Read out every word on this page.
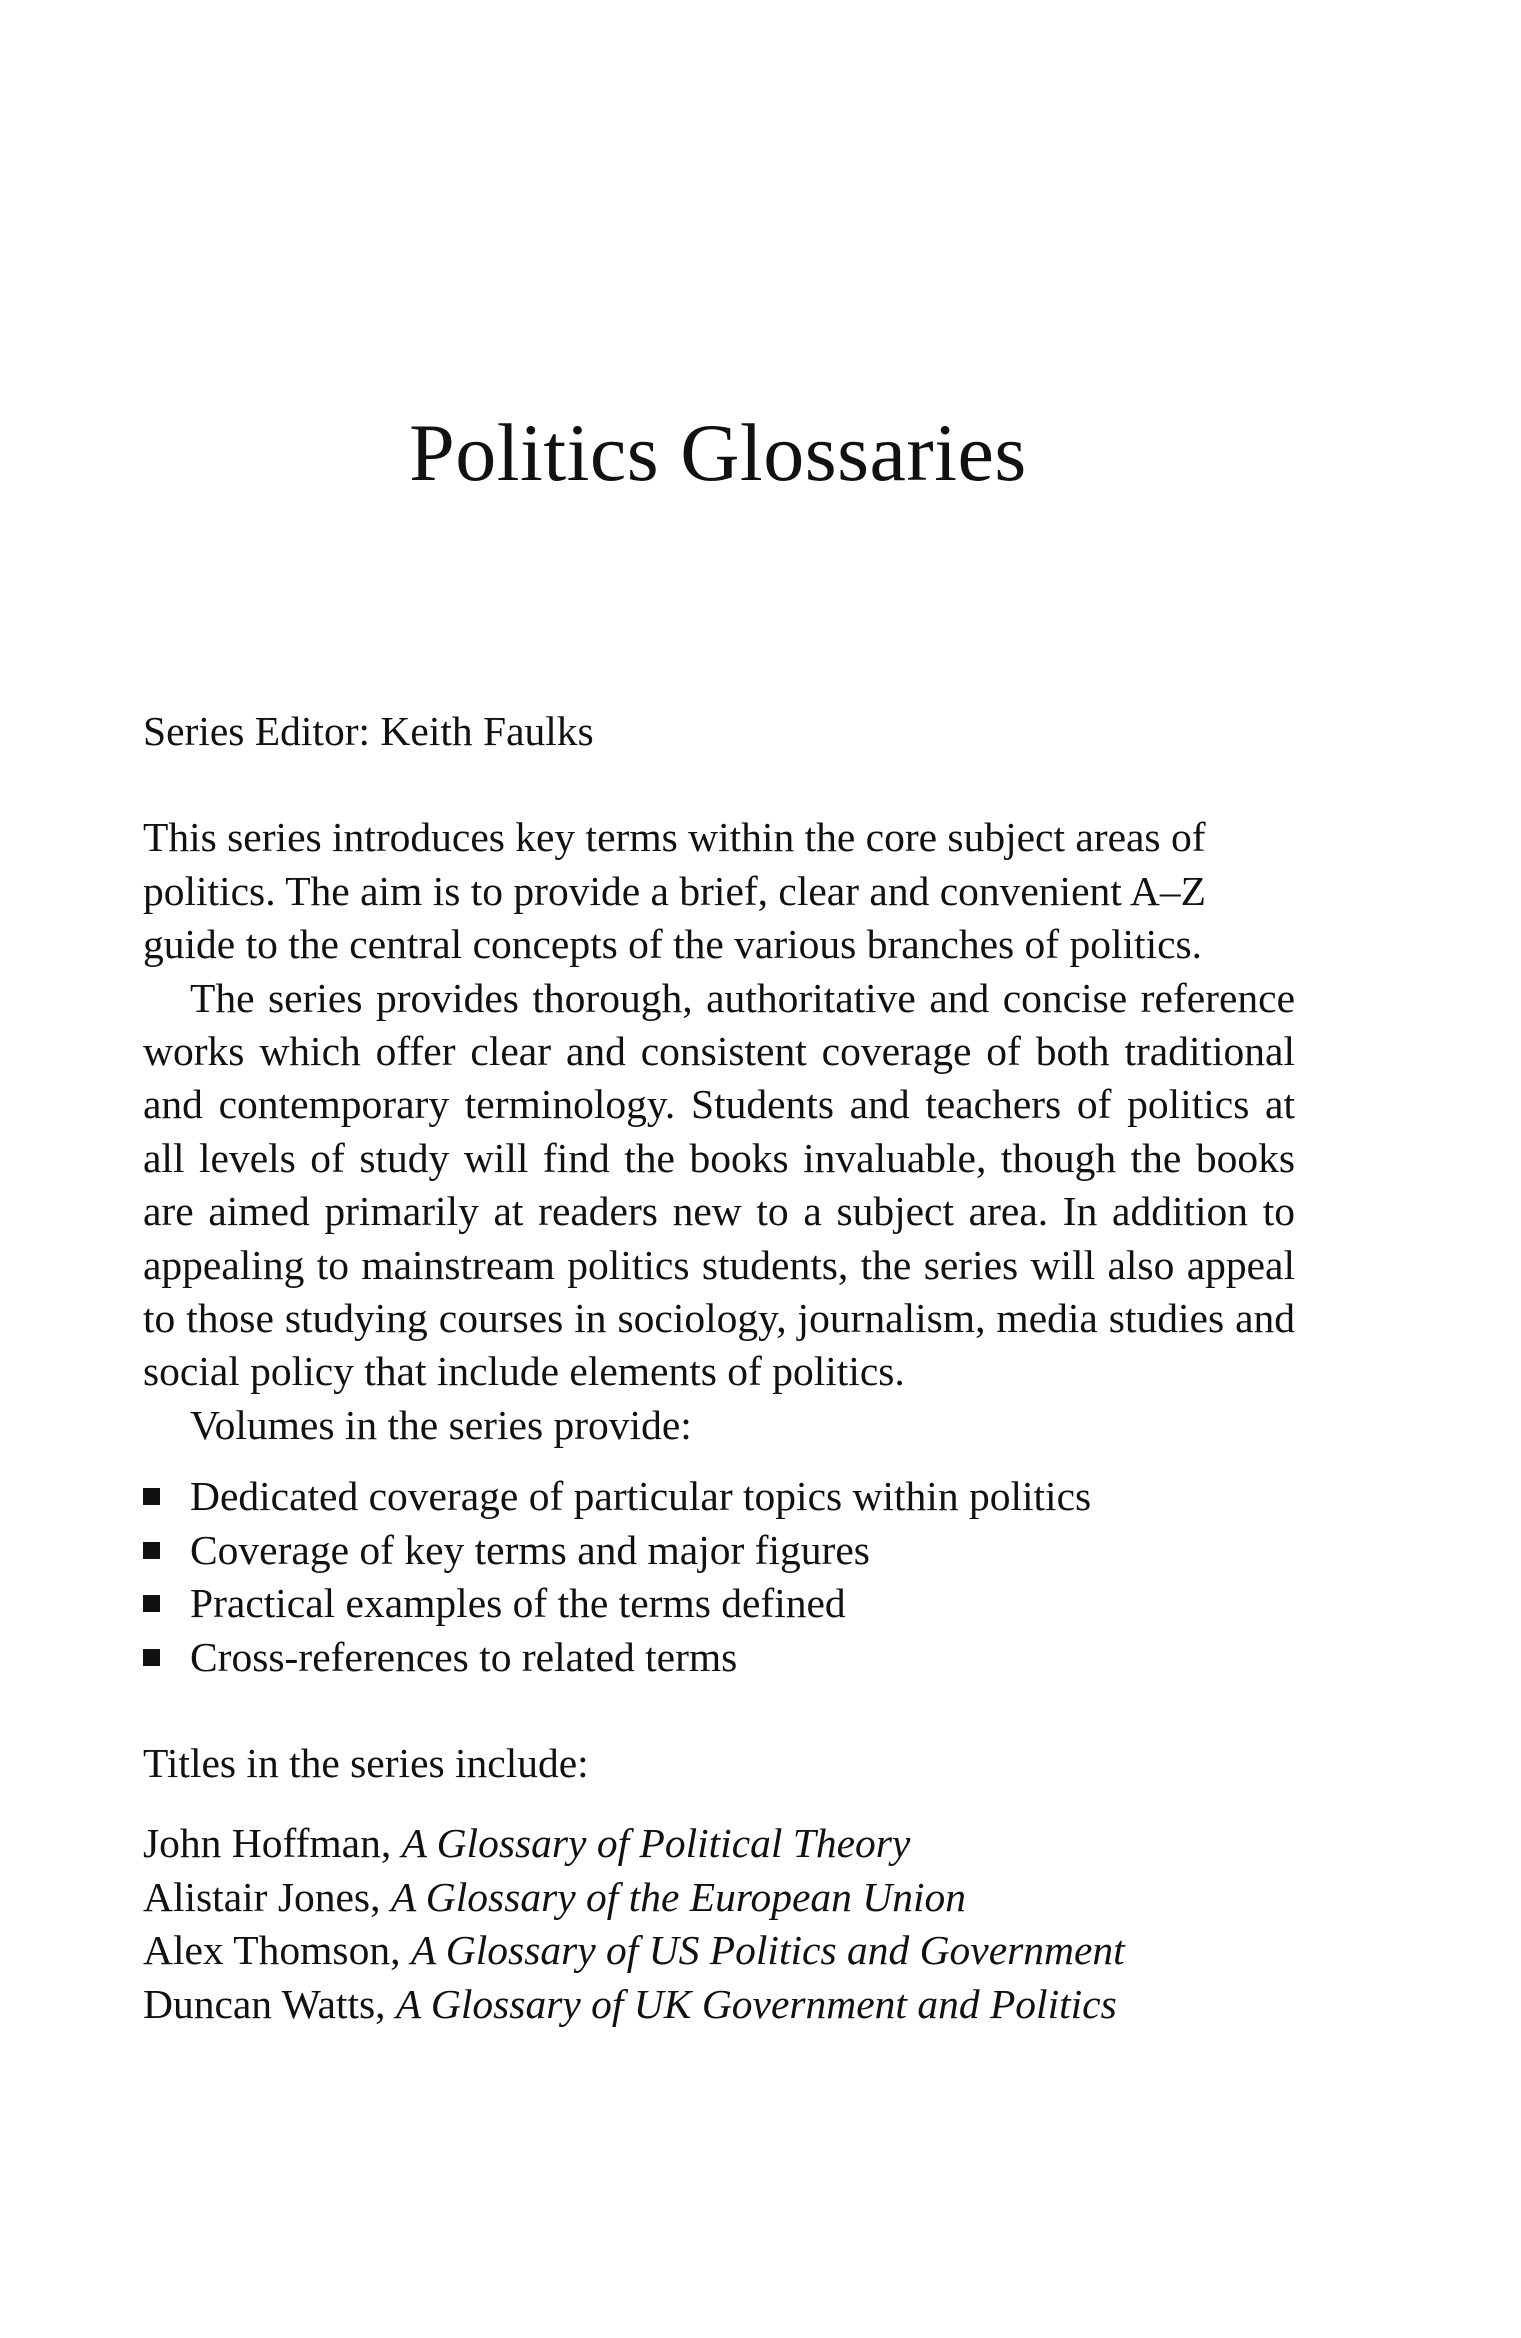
Politics Glossaries

Series Editor: Keith Faulks

This series introduces key terms within the core subject areas of politics. The aim is to provide a brief, clear and convenient A–Z guide to the central concepts of the various branches of politics.

The series provides thorough, authoritative and concise reference works which offer clear and consistent coverage of both traditional and contemporary terminology. Students and teachers of politics at all levels of study will find the books invaluable, though the books are aimed primarily at readers new to a subject area. In addition to appealing to mainstream politics students, the series will also appeal to those studying courses in sociology, journalism, media studies and social policy that include elements of politics.

Volumes in the series provide:

Dedicated coverage of particular topics within politics
Coverage of key terms and major figures
Practical examples of the terms defined
Cross-references to related terms

Titles in the series include:

John Hoffman, A Glossary of Political Theory
Alistair Jones, A Glossary of the European Union
Alex Thomson, A Glossary of US Politics and Government
Duncan Watts, A Glossary of UK Government and Politics
